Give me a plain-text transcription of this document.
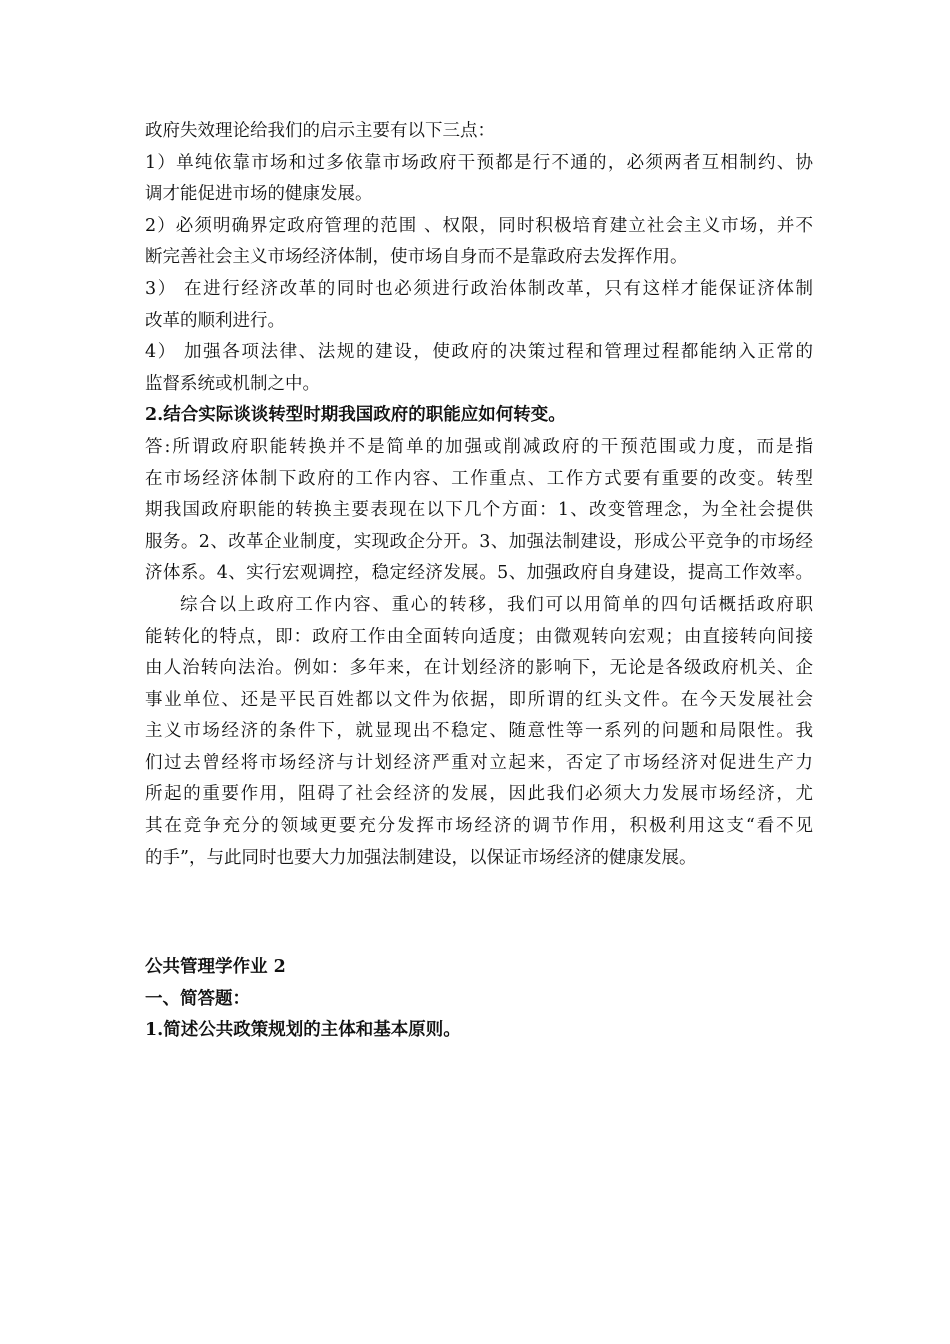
政府失效理论给我们的启示主要有以下三点：
1）单纯依靠市场和过多依靠市场政府干预都是行不通的，必须两者互相制约、协
调才能促进市场的健康发展。
2）必须明确界定政府管理的范围 、权限，同时积极培育建立社会主义市场，并不
断完善社会主义市场经济体制，使市场自身而不是靠政府去发挥作用。
3） 在进行经济改革的同时也必须进行政治体制改革，只有这样才能保证济体制
改革的顺利进行。
4） 加强各项法律、法规的建设，使政府的决策过程和管理过程都能纳入正常的
监督系统或机制之中。
2.结合实际谈谈转型时期我国政府的职能应如何转变。
答:所谓政府职能转换并不是简单的加强或削减政府的干预范围或力度，而是指
在市场经济体制下政府的工作内容、工作重点、工作方式要有重要的改变。转型
期我国政府职能的转换主要表现在以下几个方面：1、改变管理念，为全社会提供
服务。2、改革企业制度，实现政企分开。3、加强法制建设，形成公平竞争的市场经
济体系。4、实行宏观调控，稳定经济发展。5、加强政府自身建设，提高工作效率。
综合以上政府工作内容、重心的转移，我们可以用简单的四句话概括政府职
能转化的特点，即：政府工作由全面转向适度；由微观转向宏观；由直接转向间接
由人治转向法治。例如：多年来，在计划经济的影响下，无论是各级政府机关、企
事业单位、还是平民百姓都以文件为依据，即所谓的红头文件。在今天发展社会
主义市场经济的条件下，就显现出不稳定、随意性等一系列的问题和局限性。我
们过去曾经将市场经济与计划经济严重对立起来，否定了市场经济对促进生产力
所起的重要作用，阻碍了社会经济的发展，因此我们必须大力发展市场经济，尤
其在竞争充分的领域更要充分发挥市场经济的调节作用，积极利用这支“看不见
的手”，与此同时也要大力加强法制建设，以保证市场经济的健康发展。
公共管理学作业 2
一、简答题：
1.简述公共政策规划的主体和基本原则。
